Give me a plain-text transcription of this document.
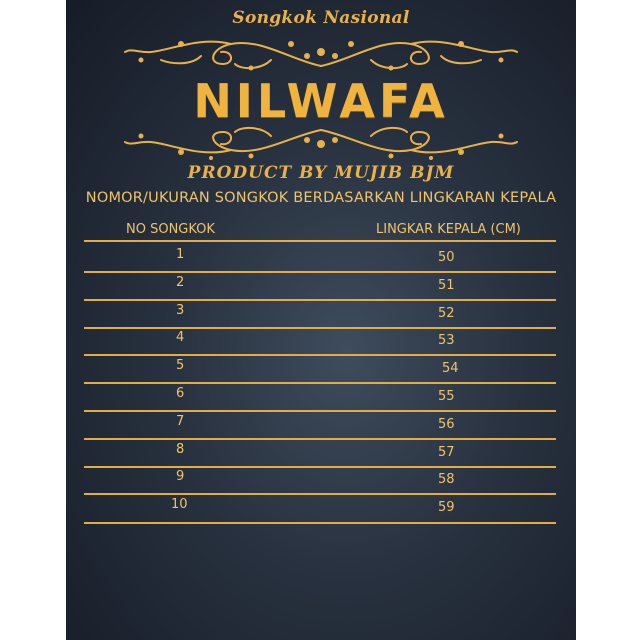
Songkok Nasional
NILWAFA
PRODUCT BY MUJIB BJM
NOMOR/UKURAN SONGKOK BERDASARKAN LINGKARAN KEPALA
NO SONGKOK	LINGKAR KEPALA (CM)
1	50
2	51
3	52
4	53
5	54
6	55
7	56
8	57
9	58
10	59
